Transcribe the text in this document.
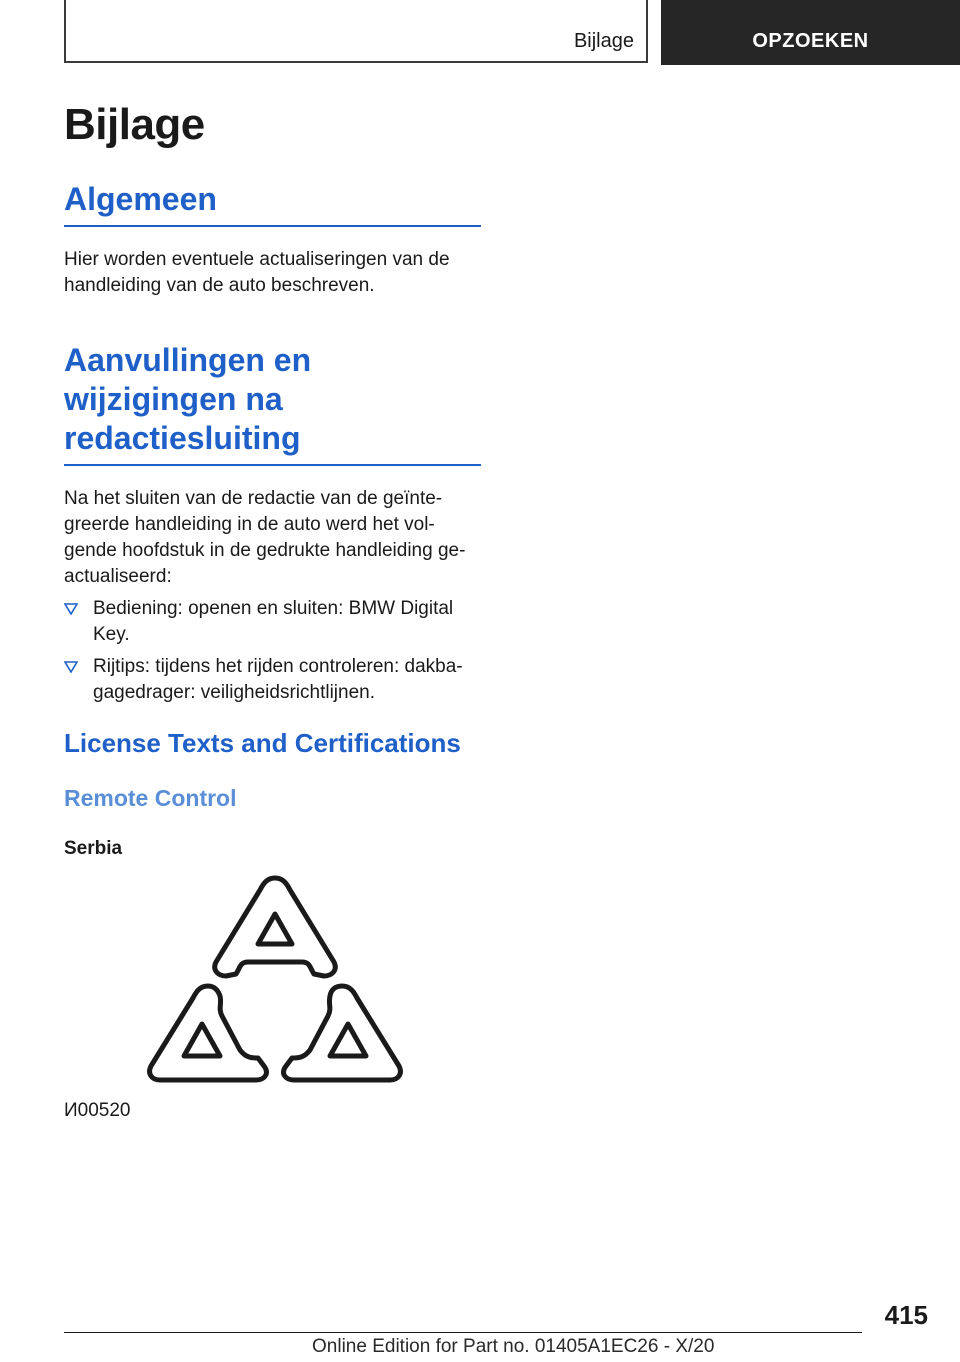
Bijlage	OPZOEKEN
Bijlage
Algemeen

Hier worden eventuele actualiseringen van de handleiding van de auto beschreven.

Aanvullingen en
wijzigingen na
redactiesluiting

Na het sluiten van de redactie van de geïnte-greerde handleiding in de auto werd het vol-gende hoofdstuk in de gedrukte handleiding ge-actualiseerd:

Bediening: openen en sluiten: BMW Digital Key.
Rijtips: tijdens het rijden controleren: dakba-gagedrager: veiligheidsrichtlijnen.
License Texts and Certifications
Remote Control
Serbia
И00520
415
Online Edition for Part no. 01405A1EC26 - X/20
